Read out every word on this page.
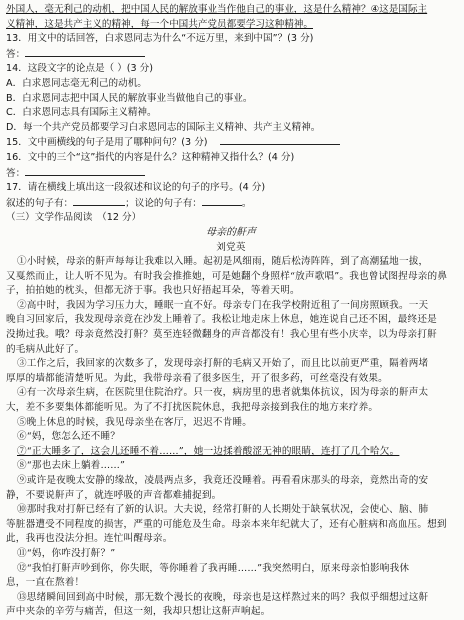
外国人，毫无利己的动机，把中国人民的解放事业当作他自己的事业，这是什么精神？④这是国际主
义精神，这是共产主义的精神，每一个中国共产党员都要学习这种精神。
13．用文中的话回答，白求恩同志为什么“不远万里，来到中国”？(3 分)
答：
14．这段文字的论点是（ ）(3 分)
A．白求恩同志毫无利己的动机。
B．白求恩同志把中国人民的解放事业当做他自己的事业。
C．白求恩同志具有国际主义精神。
D．每一个共产党员都要学习白求恩同志的国际主义精神、共产主义精神。
15．文中画横线的句子是用了哪种问句？(3 分)
16．文中的三个“这”指代的内容是什么？这种精神又指什么？(4 分)
答：
17．请在横线上填出这一段叙述和议论的句子的序号。(4 分)
叙述的句子有：	；议论的句子有：	。
（三）文学作品阅读　（12 分）
母亲的鼾声
刘党英
①小时候，母亲的鼾声每每让我难以入睡。起初是风细雨，随后松涛阵阵，到了高潮猛地一拔，
又戛然而止，让人听不见为。有时我会推推她，可是她翻个身照样“放声歌唱”。我也曾试图捏母亲的鼻
子，拍拍她的枕头，但都无济于事。我也只好捂起耳朵，等着天明。
②高中时，我因为学习压力大，睡眠一直不好。母亲专门在我学校附近租了一间房照顾我。一天
晚自习回家后，我发现母亲竟在沙发上睡着了。我松让地走床上休息，她连说自己还不困，最终还是
没拗过我。哦？母亲竟然没打鼾？莫至连轻微翻身的声音都没有！我心里有些小庆幸，以为母亲打鼾
的毛病从此好了。
③工作之后，我回家的次数多了，发现母亲打鼾的毛病又开始了，而且比以前更严重，隔着两堵
厚厚的墙都能清楚听见。为此，我带母亲看了很多医生，开了很多药，可丝毫没有效果。
④有一次母亲生病，在医院里住院治疗。只一夜，病房里的患者就集体抗议，因为母亲的鼾声太
大，差不多要集体都能听见。为了不打扰医院休息，我把母亲接到我住的地方来疗养。
⑤晚上休息的时候，我见母亲坐在客厅，迟迟不肯睡。
⑥“妈，您怎么还不睡？
⑦“正大睡多了，这会儿还睡不着……”，她一边揉着酸涩无神的眼睛，连打了几个哈欠。
⑧“那也去床上躺着……”
⑨或许是夜晚太安静的缘故，凌晨两点多，我竟还没睡着。再看看床那头的母亲，竟然出奇的安
静，不要说鼾声了，就连呼吸的声音都难捕捉到。
⑩那时我对打鼾已经有了新的认识。大夫说，经常打鼾的人长期处于缺氧状况，会使心、脑、肺
等脏器遭受不同程度的损害，严重的可能危及生命。母亲本来年纪就大了，还有心脏病和高血压。想到
此，我再也没法分担。连忙叫醒母亲。
⑪“妈，你咋没打鼾？”
⑫“我怕打鼾声吵到你，你失眠，等你睡着了我再睡……”我突然明白，原来母亲怕影响我休
息，一直在熬着！
⑬思绪瞬间回到高中时候，那无数个漫长的夜晚，母亲也是这样熬过来的吗？我似乎细想过这鼾
声中夹杂的辛劳与痛苦，但这一刻，我却只想让这鼾声响起。
